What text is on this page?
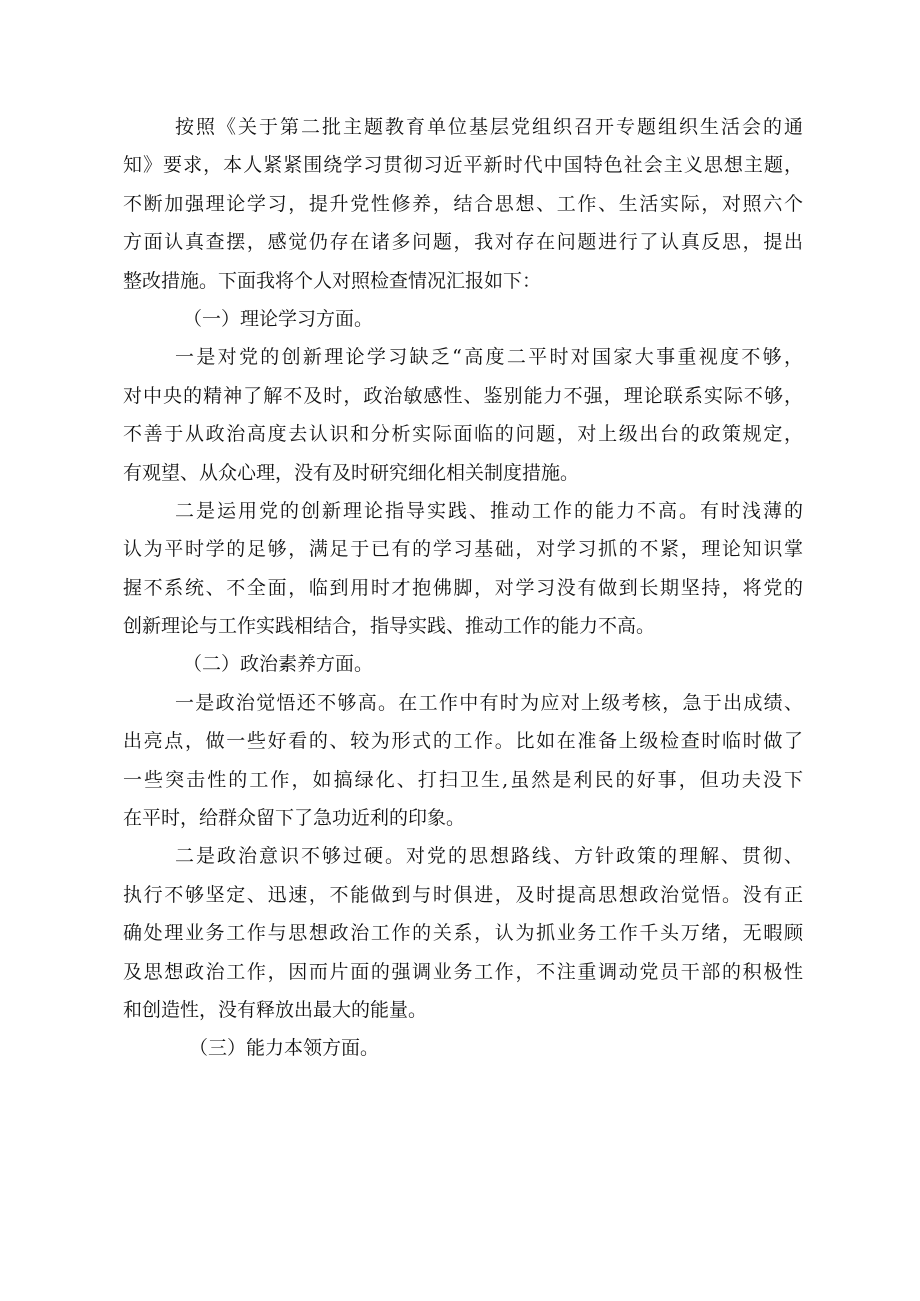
按照《关于第二批主题教育单位基层党组织召开专题组织生活会的通
知》要求，本人紧紧围绕学习贯彻习近平新时代中国特色社会主义思想主题，
不断加强理论学习，提升党性修养，结合思想、工作、生活实际，对照六个
方面认真查摆，感觉仍存在诸多问题，我对存在问题进行了认真反思，提出
整改措施。下面我将个人对照检查情况汇报如下：
（一）理论学习方面。
一是对党的创新理论学习缺乏“高度二平时对国家大事重视度不够，
对中央的精神了解不及时，政治敏感性、鉴别能力不强，理论联系实际不够，
不善于从政治高度去认识和分析实际面临的问题，对上级出台的政策规定，
有观望、从众心理，没有及时研究细化相关制度措施。
二是运用党的创新理论指导实践、推动工作的能力不高。有时浅薄的
认为平时学的足够，满足于已有的学习基础，对学习抓的不紧，理论知识掌
握不系统、不全面，临到用时才抱佛脚，对学习没有做到长期坚持，将党的
创新理论与工作实践相结合，指导实践、推动工作的能力不高。
（二）政治素养方面。
一是政治觉悟还不够高。在工作中有时为应对上级考核，急于出成绩、
出亮点，做一些好看的、较为形式的工作。比如在准备上级检查时临时做了
一些突击性的工作，如搞绿化、打扫卫生,虽然是利民的好事，但功夫没下
在平时，给群众留下了急功近利的印象。
二是政治意识不够过硬。对党的思想路线、方针政策的理解、贯彻、
执行不够坚定、迅速，不能做到与时俱进，及时提高思想政治觉悟。没有正
确处理业务工作与思想政治工作的关系，认为抓业务工作千头万绪，无暇顾
及思想政治工作，因而片面的强调业务工作，不注重调动党员干部的积极性
和创造性，没有释放出最大的能量。
（三）能力本领方面。
